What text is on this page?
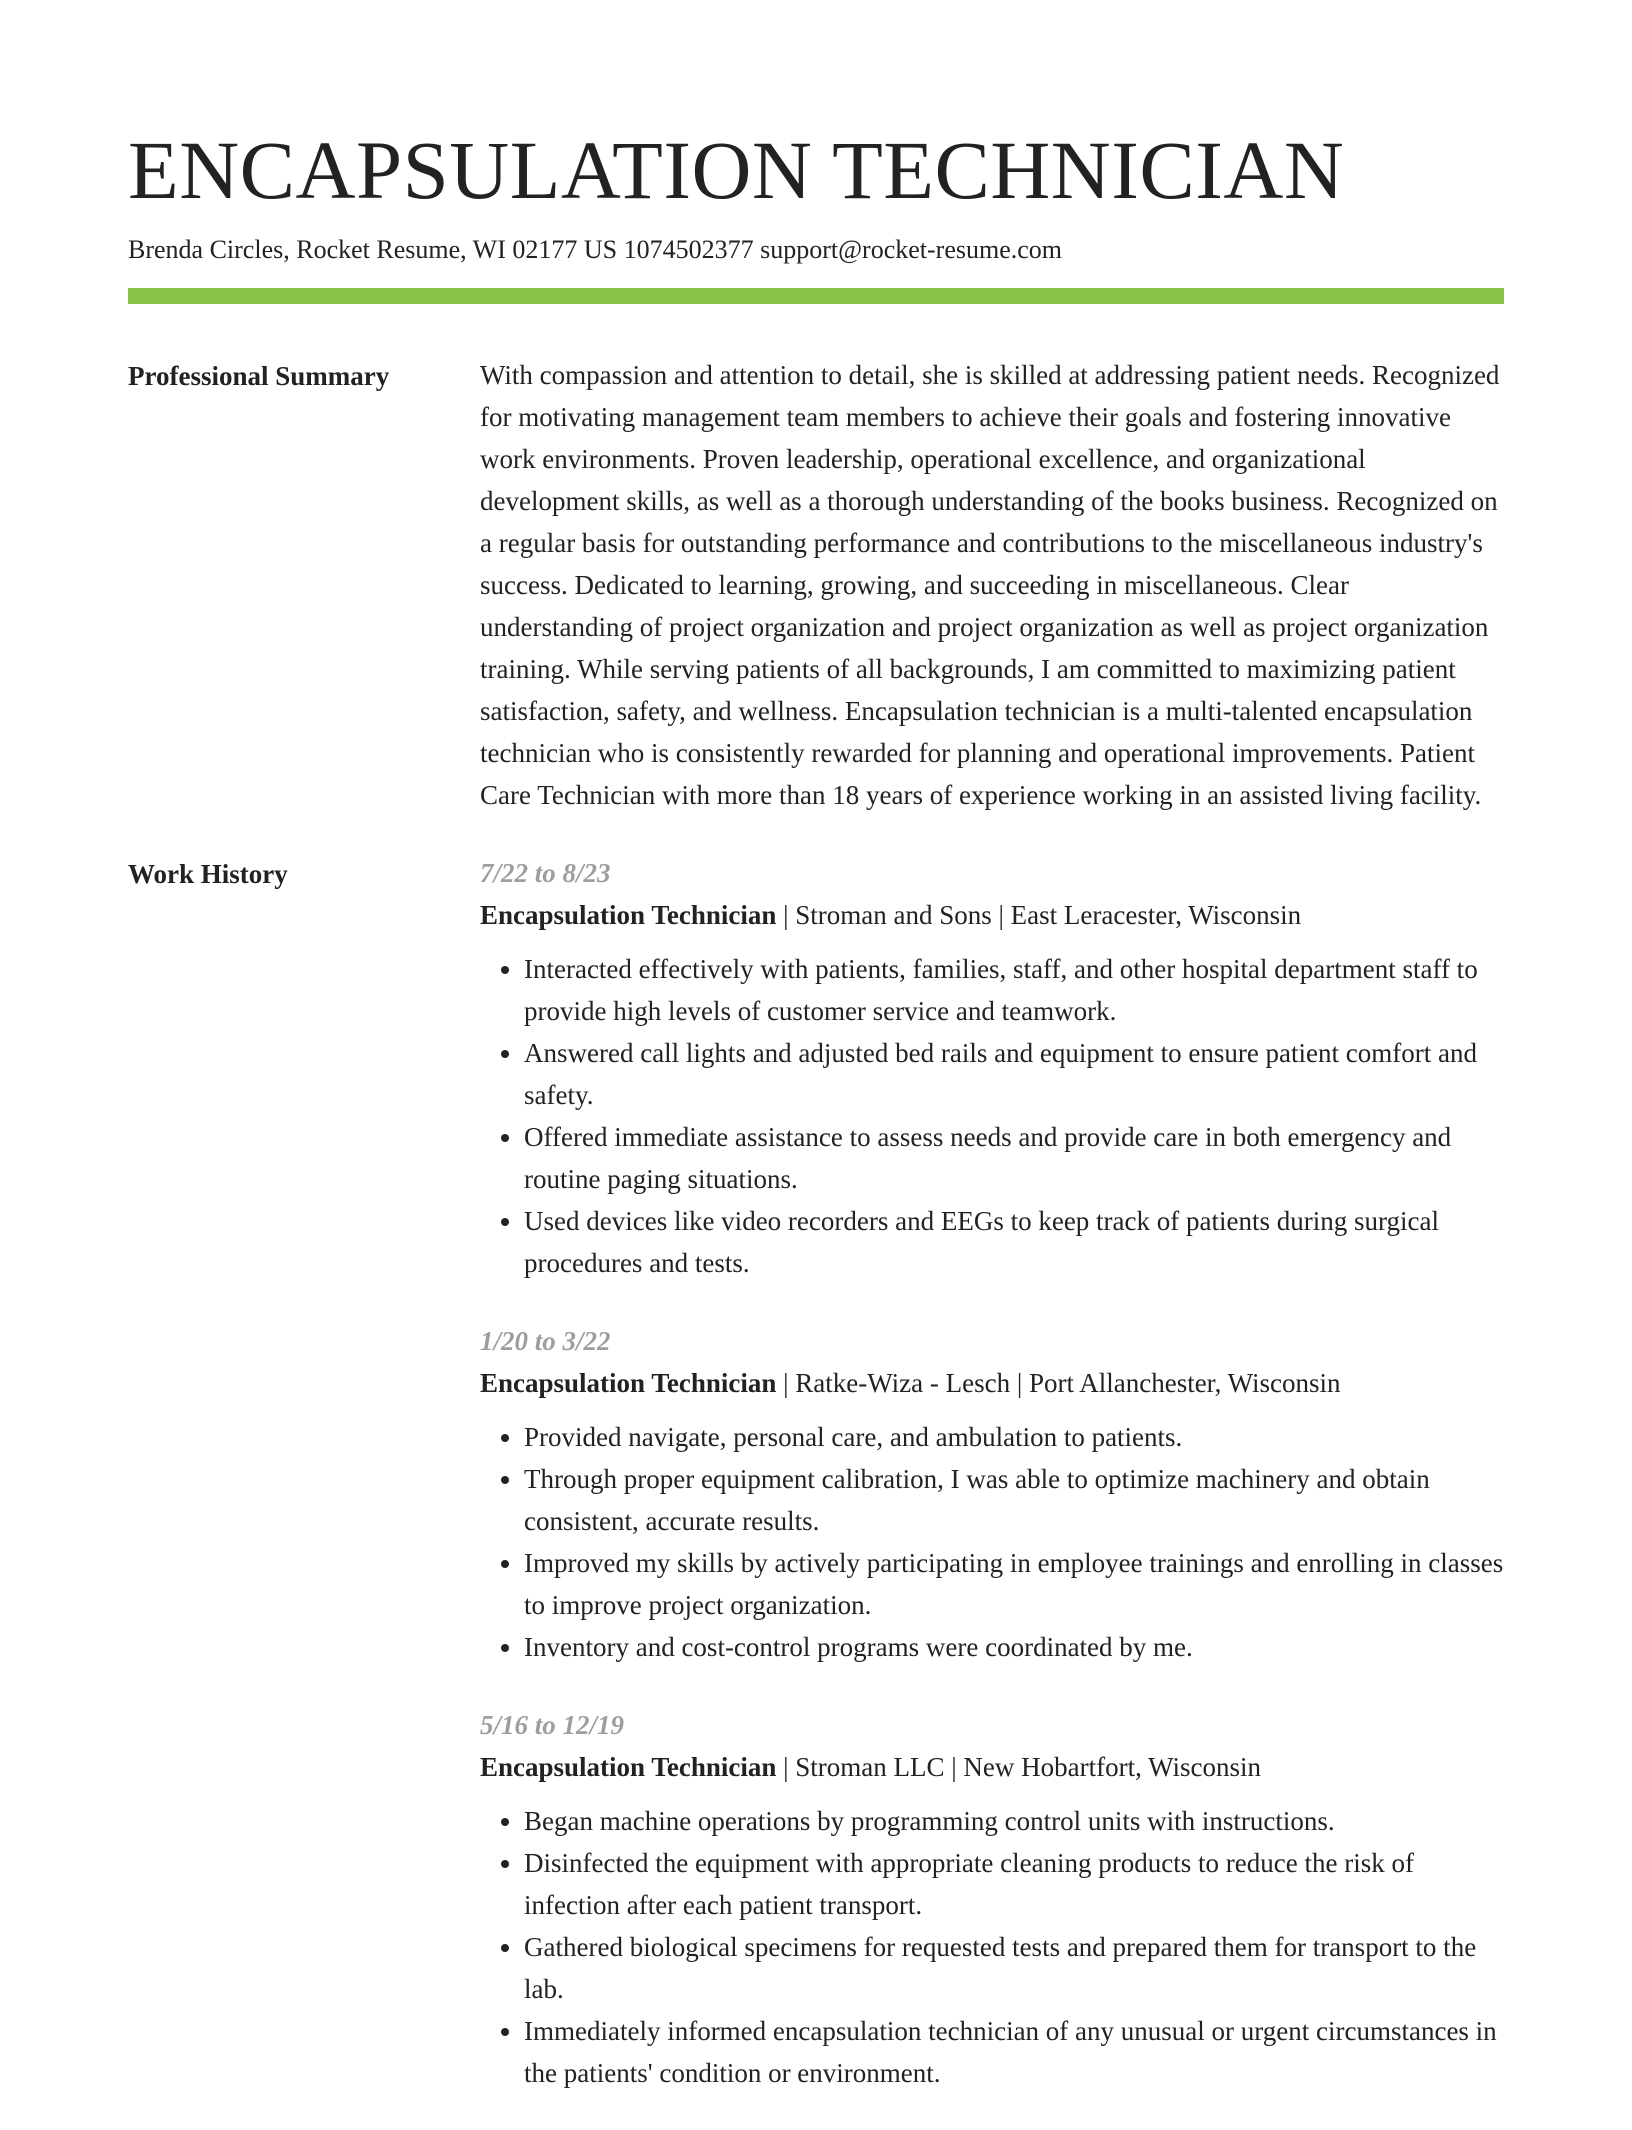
ENCAPSULATION TECHNICIAN
Brenda Circles, Rocket Resume, WI 02177 US 1074502377 support@rocket-resume.com
Professional Summary	With compassion and attention to detail, she is skilled at addressing patient needs. Recognized for motivating management team members to achieve their goals and fostering innovative work environments. Proven leadership, operational excellence, and organizational development skills, as well as a thorough understanding of the books business. Recognized on a regular basis for outstanding performance and contributions to the miscellaneous industry's success. Dedicated to learning, growing, and succeeding in miscellaneous. Clear understanding of project organization and project organization as well as project organization training. While serving patients of all backgrounds, I am committed to maximizing patient satisfaction, safety, and wellness. Encapsulation technician is a multi-talented encapsulation technician who is consistently rewarded for planning and operational improvements. Patient Care Technician with more than 18 years of experience working in an assisted living facility.
Work History	7/22 to 8/23
Encapsulation Technician | Stroman and Sons | East Leracester, Wisconsin
• Interacted effectively with patients, families, staff, and other hospital department staff to provide high levels of customer service and teamwork.
• Answered call lights and adjusted bed rails and equipment to ensure patient comfort and safety.
• Offered immediate assistance to assess needs and provide care in both emergency and routine paging situations.
• Used devices like video recorders and EEGs to keep track of patients during surgical procedures and tests.
1/20 to 3/22
Encapsulation Technician | Ratke-Wiza - Lesch | Port Allanchester, Wisconsin
• Provided navigate, personal care, and ambulation to patients.
• Through proper equipment calibration, I was able to optimize machinery and obtain consistent, accurate results.
• Improved my skills by actively participating in employee trainings and enrolling in classes to improve project organization.
• Inventory and cost-control programs were coordinated by me.
5/16 to 12/19
Encapsulation Technician | Stroman LLC | New Hobartfort, Wisconsin
• Began machine operations by programming control units with instructions.
• Disinfected the equipment with appropriate cleaning products to reduce the risk of infection after each patient transport.
• Gathered biological specimens for requested tests and prepared them for transport to the lab.
• Immediately informed encapsulation technician of any unusual or urgent circumstances in the patients' condition or environment.
